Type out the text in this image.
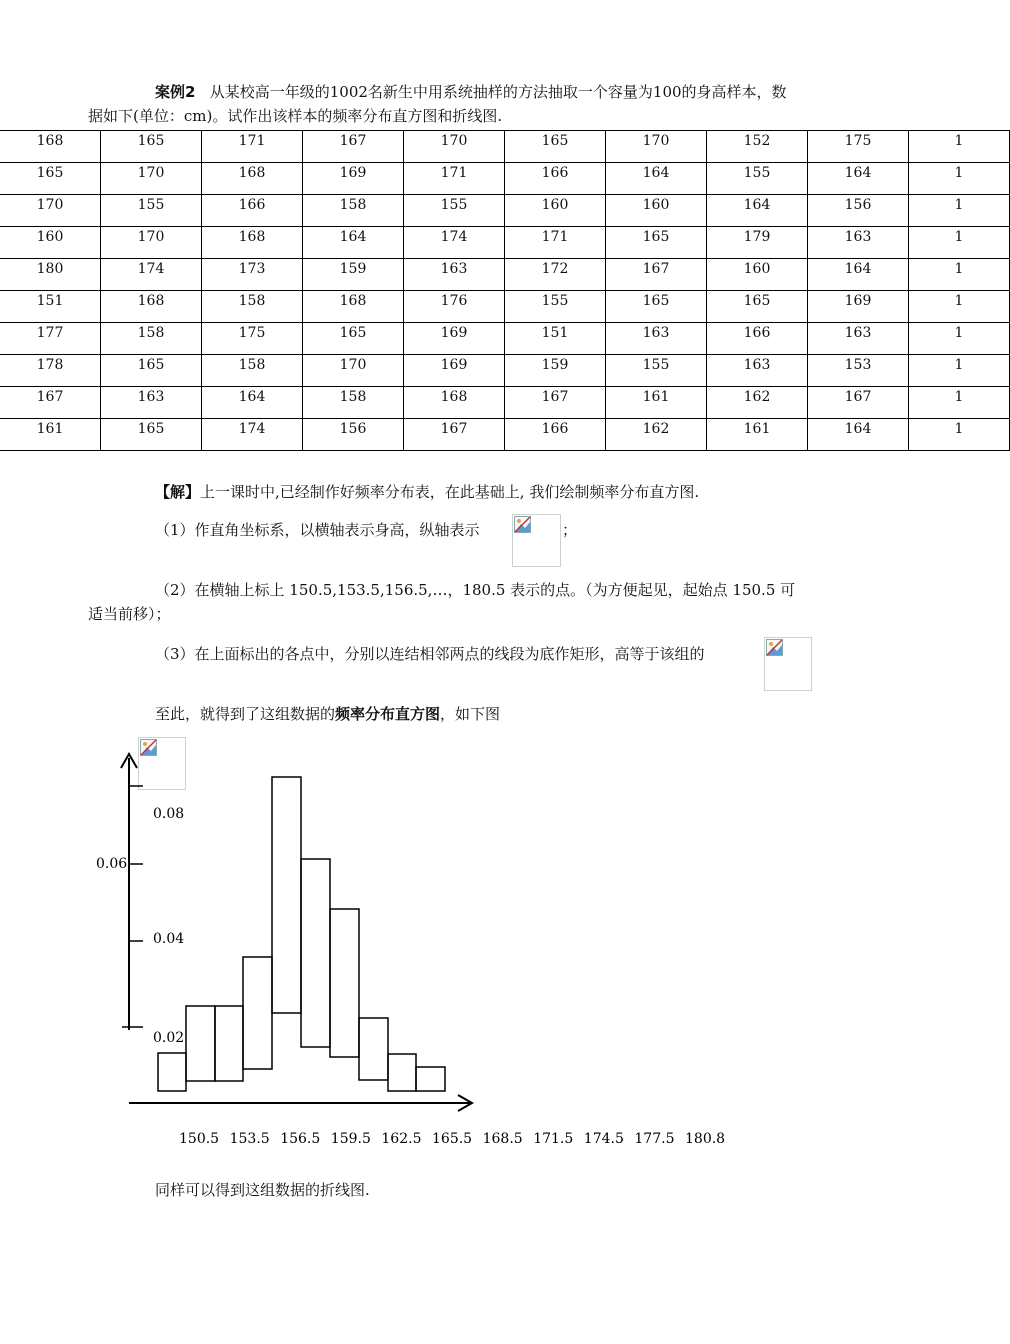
案例2 从某校高一年级的1002名新生中用系统抽样的方法抽取一个容量为100的身高样本，数
据如下(单位：cm)。试作出该样本的频率分布直方图和折线图.
168	165	171	167	170	165	170	152	175	1
165	170	168	169	171	166	164	155	164	1
170	155	166	158	155	160	160	164	156	1
160	170	168	164	174	171	165	179	163	1
180	174	173	159	163	172	167	160	164	1
151	168	158	168	176	155	165	165	169	1
177	158	175	165	169	151	163	166	163	1
178	165	158	170	169	159	155	163	153	1
167	163	164	158	168	167	161	162	167	1
161	165	174	156	167	166	162	161	164	1
【解】上一课时中,已经制作好频率分布表，在此基础上, 我们绘制频率分布直方图.
（1）作直角坐标系，以横轴表示身高，纵轴表示	；
（2）在横轴上标上 150.5,153.5,156.5,…，180.5 表示的点。（为方便起见，起始点 150.5 可
适当前移）；
（3）在上面标出的各点中，分别以连结相邻两点的线段为底作矩形，高等于该组的
至此，就得到了这组数据的频率分布直方图，如下图
0.08
0.06
0.04
0.02
150.5 153.5 156.5 159.5 162.5 165.5 168.5 171.5 174.5 177.5 180.8
同样可以得到这组数据的折线图.
